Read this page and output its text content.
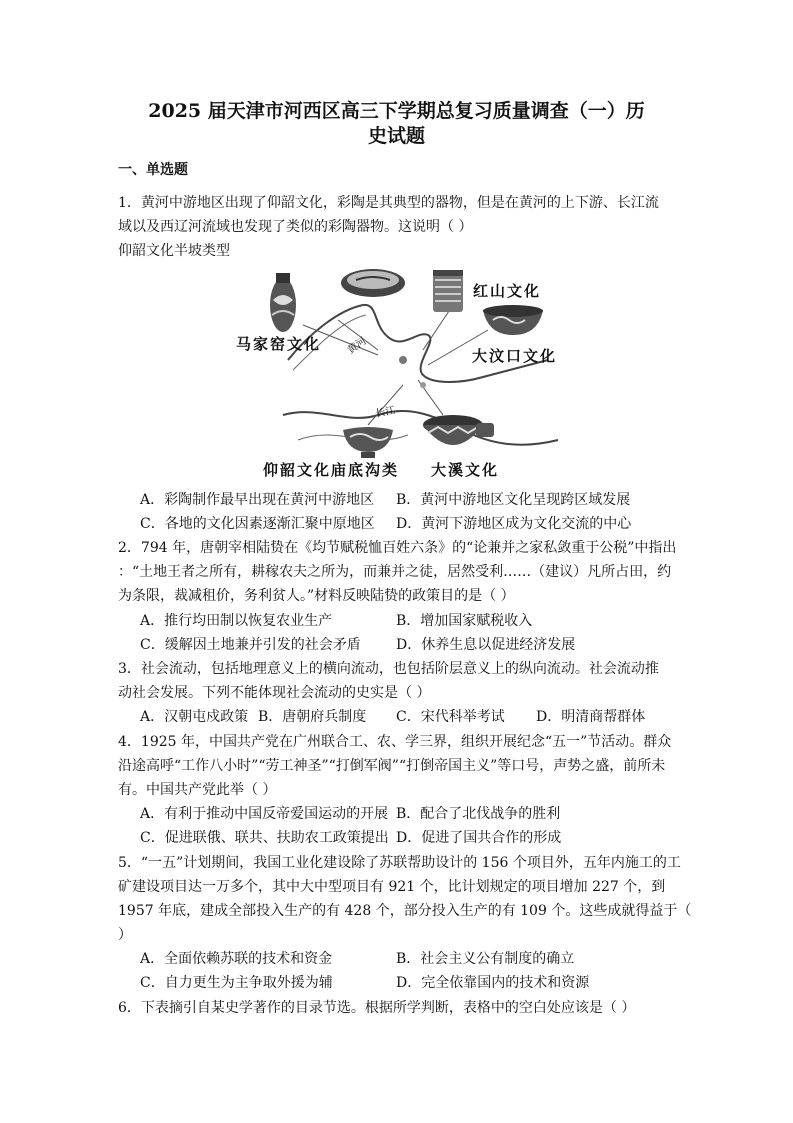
2025 届天津市河西区高三下学期总复习质量调查（一）历
史试题
一、单选题
1．黄河中游地区出现了仰韶文化，彩陶是其典型的器物，但是在黄河的上下游、长江流
域以及西辽河流域也发现了类似的彩陶器物。这说明（ ）
仰韶文化半坡类型
马家窑文化
红山文化
大汶口文化
仰韶文化庙底沟类 大溪文化
黄河
长江
A．彩陶制作最早出现在黄河中游地区 B．黄河中游地区文化呈现跨区域发展
C．各地的文化因素逐渐汇聚中原地区 D．黄河下游地区成为文化交流的中心
2．794 年，唐朝宰相陆贽在《均节赋税恤百姓六条》的“论兼并之家私敛重于公税”中指出
：“土地王者之所有，耕稼农夫之所为，而兼并之徒，居然受利……（建议）凡所占田，约
为条限，裁减租价，务利贫人。”材料反映陆贽的政策目的是（ ）
A．推行均田制以恢复农业生产	B．增加国家赋税收入
C．缓解因土地兼并引发的社会矛盾	D．休养生息以促进经济发展
3．社会流动，包括地理意义上的横向流动，也包括阶层意义上的纵向流动。社会流动推
动社会发展。下列不能体现社会流动的史实是（ ）
A．汉朝屯戍政策 B．唐朝府兵制度 C．宋代科举考试 D．明清商帮群体
4．1925 年，中国共产党在广州联合工、农、学三界，组织开展纪念“五一”节活动。群众
沿途高呼“工作八小时”“劳工神圣”“打倒军阀”“打倒帝国主义”等口号，声势之盛，前所未
有。中国共产党此举（ ）
A．有利于推动中国反帝爱国运动的开展 B．配合了北伐战争的胜利
C．促进联俄、联共、扶助农工政策提出 D．促进了国共合作的形成
5．“一五”计划期间，我国工业化建设除了苏联帮助设计的 156 个项目外，五年内施工的工
矿建设项目达一万多个，其中大中型项目有 921 个，比计划规定的项目增加 227 个，到
1957 年底，建成全部投入生产的有 428 个，部分投入生产的有 109 个。这些成就得益于（
）
A．全面依赖苏联的技术和资金	B．社会主义公有制度的确立
C．自力更生为主争取外援为辅	D．完全依靠国内的技术和资源
6．下表摘引自某史学著作的目录节选。根据所学判断，表格中的空白处应该是（ ）
